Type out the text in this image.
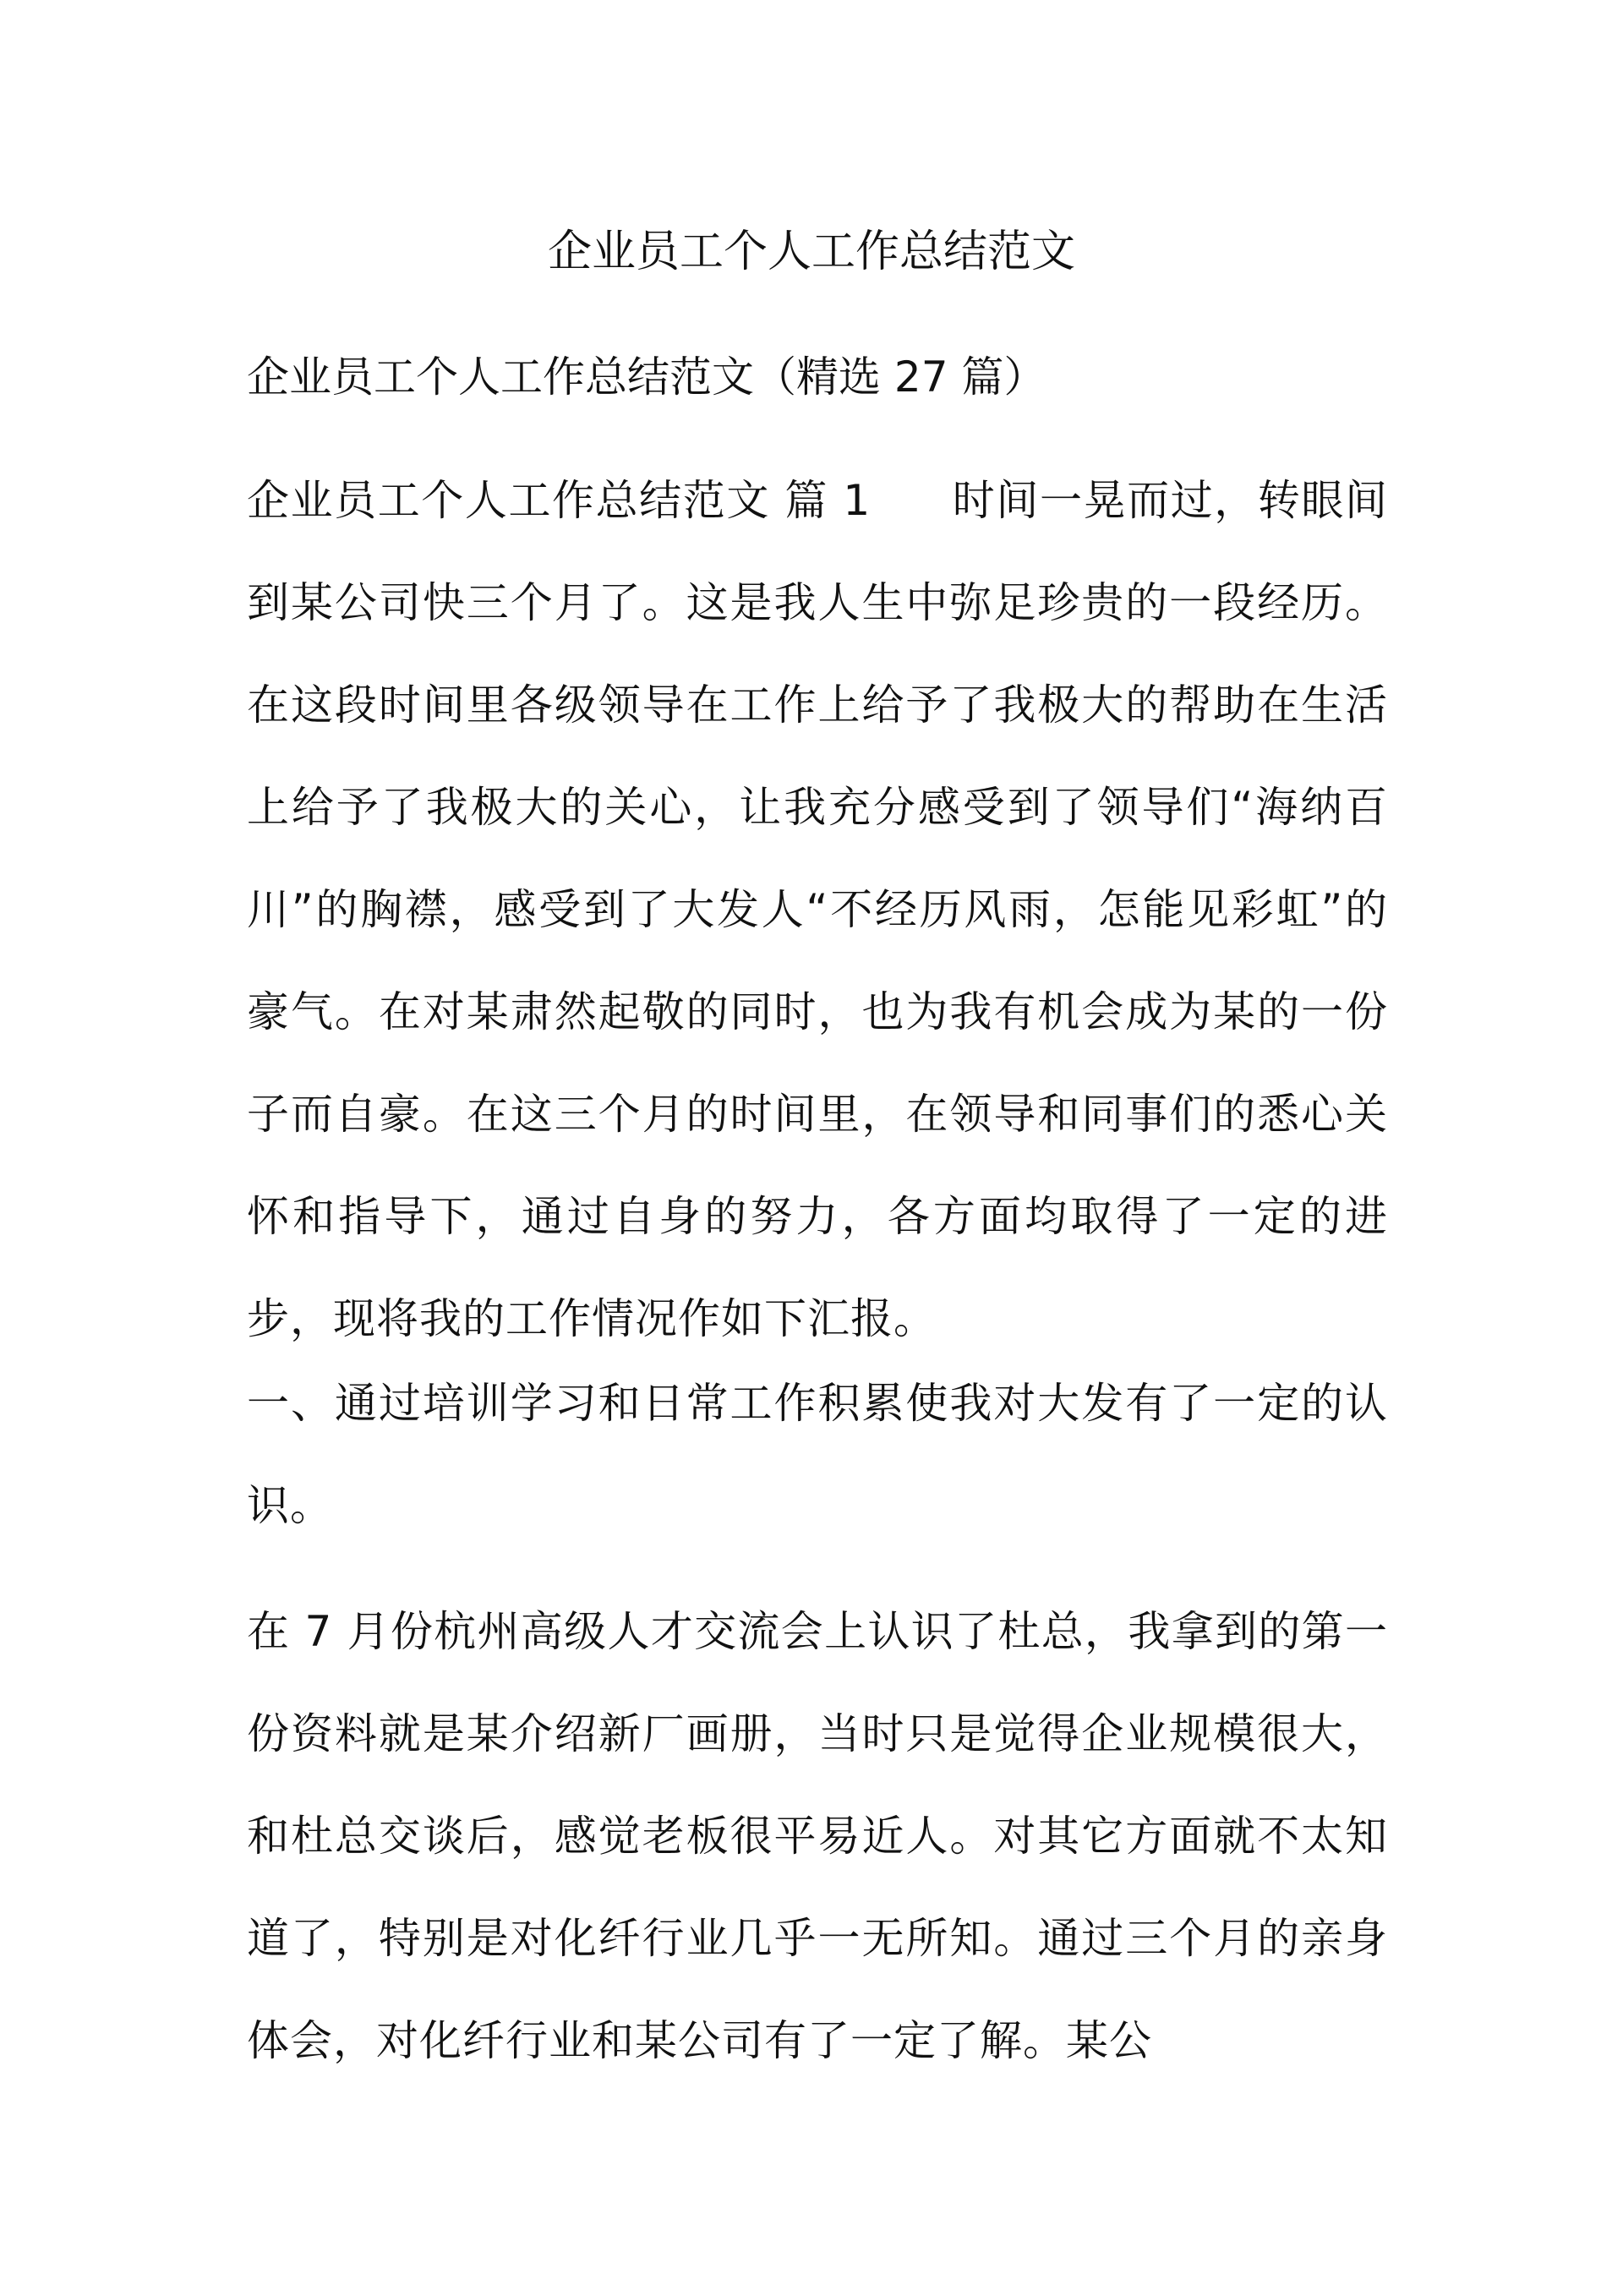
企业员工个人工作总结范文

企业员工个人工作总结范文（精选 27 篇）

企业员工个人工作总结范文 篇 1 时间一晃而过，转眼间到某公司快三个月了。这是我人生中弥足珍贵的一段经历。在这段时间里各级领导在工作上给予了我极大的帮助在生活上给予了我极大的关心，让我充分感受到了领导们“海纳百川”的胸襟，感受到了大发人“不经历风雨，怎能见彩虹”的豪气。在对某肃然起敬的同时，也为我有机会成为某的一份子而自豪。在这三个月的时间里，在领导和同事们的悉心关怀和指导下，通过自身的努力，各方面均取得了一定的进步，现将我的工作情况作如下汇报。

一、通过培训学习和日常工作积累使我对大发有了一定的认识。

在 7 月份杭州高级人才交流会上认识了杜总，我拿到的第一份资料就是某介绍新厂画册，当时只是觉得企业规模很大，和杜总交谈后，感觉老板很平易近人。对其它方面就不太知道了，特别是对化纤行业几乎一无所知。通过三个月的亲身体会，对化纤行业和某公司有了一定了解。某公
